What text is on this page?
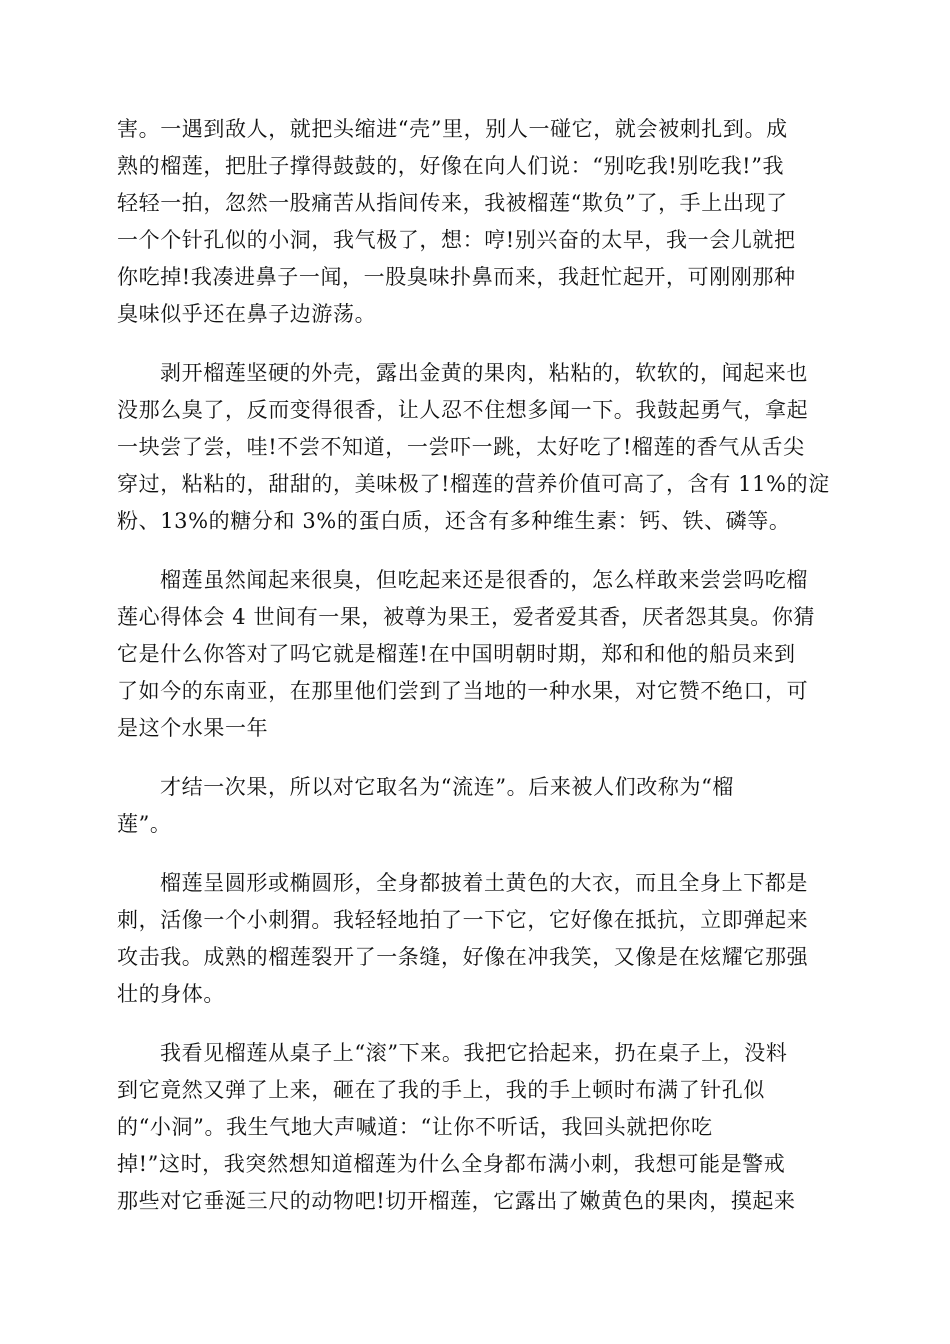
害。一遇到敌人，就把头缩进“壳”里，别人一碰它，就会被刺扎到。成
熟的榴莲，把肚子撑得鼓鼓的，好像在向人们说：“别吃我!别吃我!”我
轻轻一拍，忽然一股痛苦从指间传来，我被榴莲“欺负”了，手上出现了
一个个针孔似的小洞，我气极了，想：哼!别兴奋的太早，我一会儿就把
你吃掉!我凑进鼻子一闻，一股臭味扑鼻而来，我赶忙起开，可刚刚那种
臭味似乎还在鼻子边游荡。
剥开榴莲坚硬的外壳，露出金黄的果肉，粘粘的，软软的，闻起来也
没那么臭了，反而变得很香，让人忍不住想多闻一下。我鼓起勇气，拿起
一块尝了尝，哇!不尝不知道，一尝吓一跳，太好吃了!榴莲的香气从舌尖
穿过，粘粘的，甜甜的，美味极了!榴莲的营养价值可高了，含有 11%的淀
粉、13%的糖分和 3%的蛋白质，还含有多种维生素：钙、铁、磷等。
榴莲虽然闻起来很臭，但吃起来还是很香的，怎么样敢来尝尝吗吃榴
莲心得体会 4 世间有一果，被尊为果王，爱者爱其香，厌者怨其臭。你猜
它是什么你答对了吗它就是榴莲!在中国明朝时期，郑和和他的船员来到
了如今的东南亚，在那里他们尝到了当地的一种水果，对它赞不绝口，可
是这个水果一年
才结一次果，所以对它取名为“流连”。后来被人们改称为“榴
莲”。
榴莲呈圆形或椭圆形，全身都披着土黄色的大衣，而且全身上下都是
刺，活像一个小刺猬。我轻轻地拍了一下它，它好像在抵抗，立即弹起来
攻击我。成熟的榴莲裂开了一条缝，好像在冲我笑，又像是在炫耀它那强
壮的身体。
我看见榴莲从桌子上“滚”下来。我把它拾起来，扔在桌子上，没料
到它竟然又弹了上来，砸在了我的手上，我的手上顿时布满了针孔似
的“小洞”。我生气地大声喊道：“让你不听话，我回头就把你吃
掉!”这时，我突然想知道榴莲为什么全身都布满小刺，我想可能是警戒
那些对它垂涎三尺的动物吧!切开榴莲，它露出了嫩黄色的果肉，摸起来
